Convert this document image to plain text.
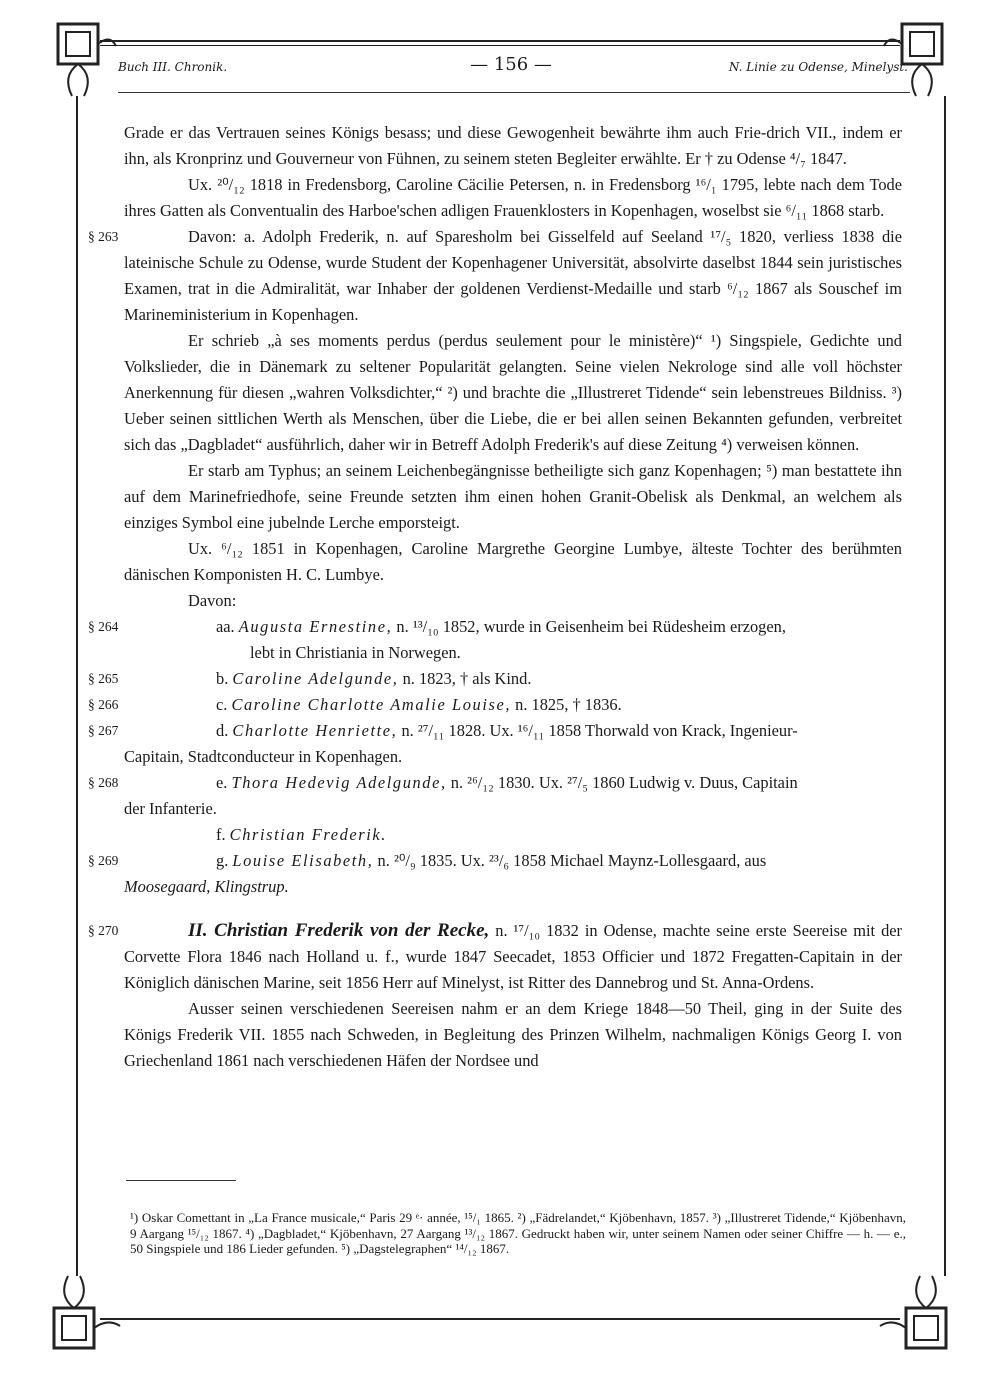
Buch III. Chronik.	— 156 —	N. Linie zu Odense, Minelyst.

Grade er das Vertrauen seines Königs besass; und diese Gewogenheit bewährte ihm auch Frie-drich VII., indem er ihn, als Kronprinz und Gouverneur von Fühnen, zu seinem steten Begleiter erwählte. Er † zu Odense ⁴/₇ 1847.

Ux. ²⁰/₁₂ 1818 in Fredensborg, Caroline Cäcilie Petersen, n. in Fredensborg ¹⁶/₁ 1795, lebte nach dem Tode ihres Gatten als Conventualin des Harboe'schen adligen Frauenklosters in Kopenhagen, woselbst sie ⁶/₁₁ 1868 starb.

§ 263	Davon: a. Adolph Frederik, n. auf Sparesholm bei Gisselfeld auf Seeland ¹⁷/₅ 1820, verliess 1838 die lateinische Schule zu Odense, wurde Student der Kopenhagener Universität, absolvirte daselbst 1844 sein juristisches Examen, trat in die Admiralität, war Inhaber der goldenen Verdienst-Medaille und starb ⁶/₁₂ 1867 als Souschef im Marineministerium in Kopenhagen.

Er schrieb „à ses moments perdus (perdus seulement pour le ministère)“ ¹) Singspiele, Gedichte und Volkslieder, die in Dänemark zu seltener Popularität gelangten. Seine vielen Nekrologe sind alle voll höchster Anerkennung für diesen „wahren Volksdichter,“ ²) und brachte die „Illustreret Tidende“ sein lebenstreues Bildniss. ³) Ueber seinen sittlichen Werth als Menschen, über die Liebe, die er bei allen seinen Bekannten gefunden, verbreitet sich das „Dagbladet“ ausführlich, daher wir in Betreff Adolph Frederik's auf diese Zeitung ⁴) verweisen können.

Er starb am Typhus; an seinem Leichenbegängnisse betheiligte sich ganz Kopenhagen; ⁵) man bestattete ihn auf dem Marinefriedhofe, seine Freunde setzten ihm einen hohen Granit-Obelisk als Denkmal, an welchem als einziges Symbol eine jubelnde Lerche emporsteigt.

Ux. ⁶/₁₂ 1851 in Kopenhagen, Caroline Margrethe Georgine Lumbye, älteste Tochter des berühmten dänischen Komponisten H. C. Lumbye.

Davon:

§ 264	aa. Augusta Ernestine, n. ¹³/₁₀ 1852, wurde in Geisenheim bei Rüdesheim erzogen,

lebt in Christiania in Norwegen.

§ 265	b. Caroline Adelgunde, n. 1823, † als Kind.

§ 266	c. Caroline Charlotte Amalie Louise, n. 1825, † 1836.

§ 267	d. Charlotte Henriette, n. ²⁷/₁₁ 1828. Ux. ¹⁶/₁₁ 1858 Thorwald von Krack, Ingenieur-

Capitain, Stadtconducteur in Kopenhagen.

§ 268	e. Thora Hedevig Adelgunde, n. ²⁶/₁₂ 1830. Ux. ²⁷/₅ 1860 Ludwig v. Duus, Capitain

der Infanterie.

f. Christian Frederik.

§ 269	g. Louise Elisabeth, n. ²⁰/₉ 1835. Ux. ²³/₆ 1858 Michael Maynz-Lollesgaard, aus

Moosegaard, Klingstrup.

§ 270	II. Christian Frederik von der Recke, n. ¹⁷/₁₀ 1832 in Odense, machte seine erste Seereise mit der Corvette Flora 1846 nach Holland u. f., wurde 1847 Seecadet, 1853 Officier und 1872 Fregatten-Capitain in der Königlich dänischen Marine, seit 1856 Herr auf Minelyst, ist Ritter des Dannebrog und St. Anna-Ordens.

Ausser seinen verschiedenen Seereisen nahm er an dem Kriege 1848—50 Theil, ging in der Suite des Königs Frederik VII. 1855 nach Schweden, in Begleitung des Prinzen Wilhelm, nachmaligen Königs Georg I. von Griechenland 1861 nach verschiedenen Häfen der Nordsee und

¹) Oskar Comettant in „La France musicale,“ Paris 29 ᵉ· année, ¹⁵/₁ 1865. ²) „Fädrelandet,“ Kjöbenhavn, 1857. ³) „Illustreret Tidende,“ Kjöbenhavn, 9 Aargang ¹⁵/₁₂ 1867. ⁴) „Dagbladet,“ Kjöbenhavn, 27 Aargang ¹³/₁₂ 1867. Gedruckt haben wir, unter seinem Namen oder seiner Chiffre — h. — e., 50 Singspiele und 186 Lieder gefunden. ⁵) „Dagstelegraphen“ ¹⁴/₁₂ 1867.
